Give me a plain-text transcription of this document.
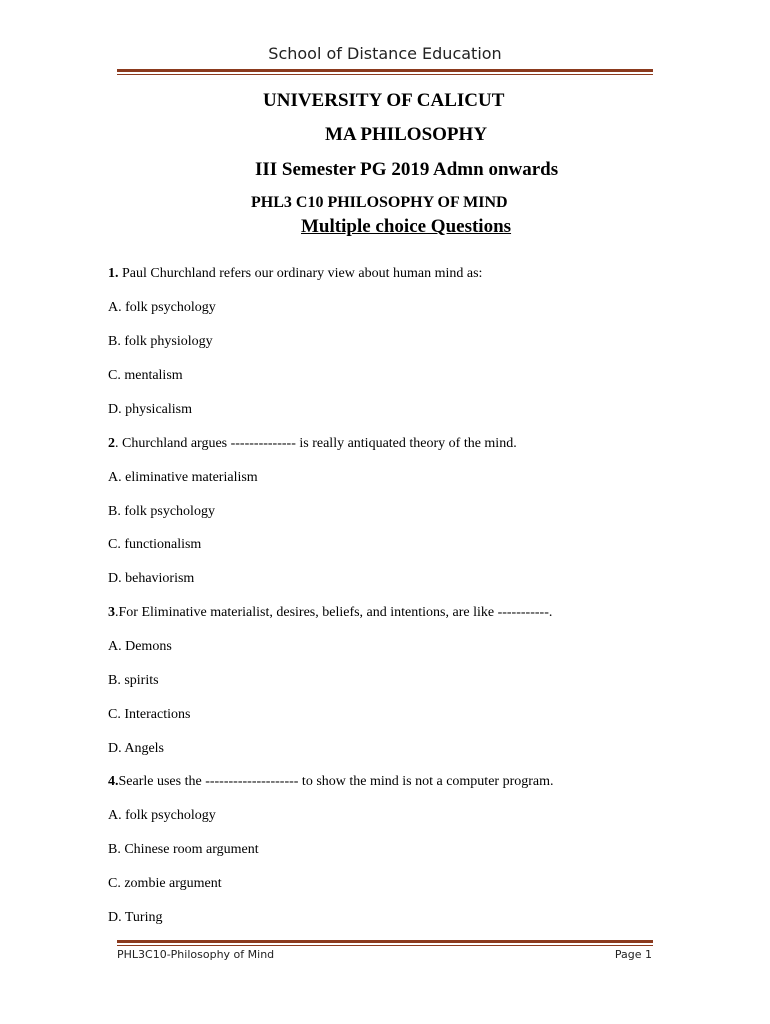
School of Distance Education
UNIVERSITY OF CALICUT
MA PHILOSOPHY
III Semester PG 2019 Admn onwards
PHL3 C10 PHILOSOPHY OF MIND
Multiple choice Questions
1. Paul Churchland refers our ordinary view about human mind as:
A. folk psychology
B. folk physiology
C. mentalism
D. physicalism
2. Churchland argues -------------- is really antiquated theory of the mind.
A. eliminative materialism
B. folk psychology
C. functionalism
D. behaviorism
3.For Eliminative materialist, desires, beliefs, and intentions, are like -----------.
A. Demons
B. spirits
C. Interactions
D. Angels
4.Searle uses the -------------------- to show the mind is not a computer program.
A. folk psychology
B. Chinese room argument
C. zombie argument
D. Turing
PHL3C10-Philosophy of Mind	Page 1
